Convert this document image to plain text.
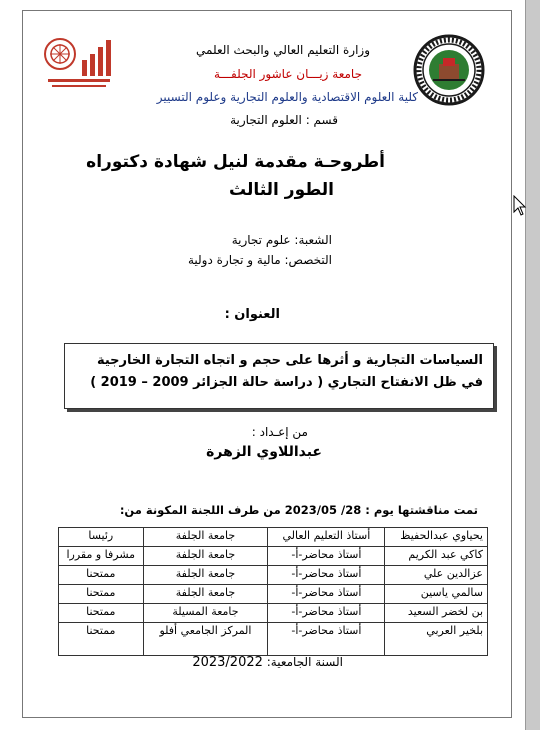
وزارة التعليم العالي والبحث العلمي
جامعة زيـــان عاشور الجلفـــة
كلية العلوم الاقتصادية والعلوم التجارية وعلوم التسيير
قسم : العلوم التجارية
أطروحـة مقدمة لنيل شهادة دكتوراه
الطور الثالث
الشعبة: علوم تجارية
التخصص: مالية و تجارة دولية
العنوان :
السياسات التجارية و أثرها على حجم و اتجاه التجارة الخارجية في ظل الانفتاح التجاري ( دراسة حالة الجزائر 2009 – 2019 )
من إعـداد :
عبداللاوي الزهرة
تمت مناقشتها يوم : 28/ 2023/05 من طرف اللجنة المكونة من:
يحياوي عبدالحفيظ	أستاذ التعليم العالي	جامعة الجلفة	رئيسا
كاكي عبد الكريم	أستاذ محاضر-أ-	جامعة الجلفة	مشرفا و مقررا
عزالدين علي	أستاذ محاضر-أ-	جامعة الجلفة	ممتحنا
سالمي ياسين	أستاذ محاضر-أ-	جامعة الجلفة	ممتحنا
بن لخضر السعيد	أستاذ محاضر-أ-	جامعة المسيلة	ممتحنا
بلخير العربي	أستاذ محاضر-أ-	المركز الجامعي أفلو	ممتحنا
السنة الجامعية: 2023/2022
